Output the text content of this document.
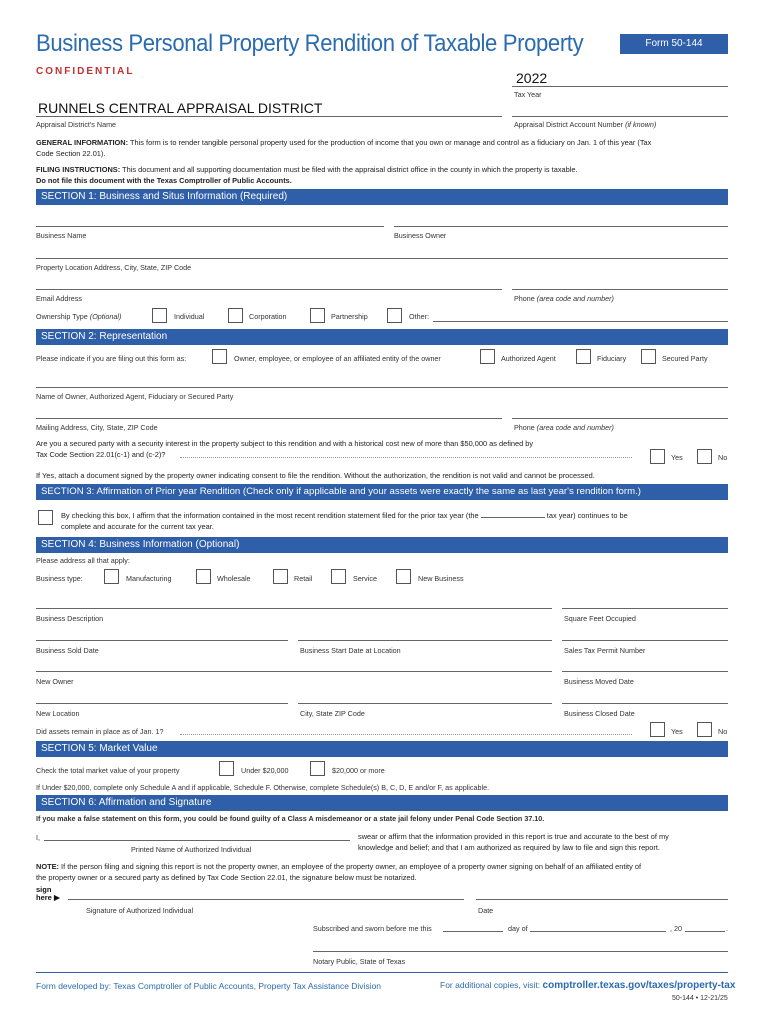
Business Personal Property Rendition of Taxable Property	Form 50-144
CONFIDENTIAL	2022
Tax Year
RUNNELS CENTRAL APPRAISAL DISTRICT
Appraisal District's Name	Appraisal District Account Number (if known)
GENERAL INFORMATION: This form is to render tangible personal property used for the production of income that you own or manage and control as a fiduciary on Jan. 1 of this year (Tax
Code Section 22.01).
FILING INSTRUCTIONS: This document and all supporting documentation must be filed with the appraisal district office in the county in which the property is taxable.
Do not file this document with the Texas Comptroller of Public Accounts.
SECTION 1: Business and Situs Information (Required)
Business Name	Business Owner
Property Location Address, City, State, ZIP Code
Email Address	Phone (area code and number)
Ownership Type (Optional)	Individual	Corporation	Partnership	Other:
SECTION 2: Representation
Please indicate if you are filing out this form as:	Owner, employee, or employee of an affiliated entity of the owner	Authorized Agent	Fiduciary	Secured Party
Name of Owner, Authorized Agent, Fiduciary or Secured Party
Mailing Address, City, State, ZIP Code	Phone (area code and number)
Are you a secured party with a security interest in the property subject to this rendition and with a historical cost new of more than $50,000 as defined by
Tax Code Section 22.01(c-1) and (c-2)?	Yes	No
If Yes, attach a document signed by the property owner indicating consent to file the rendition. Without the authorization, the rendition is not valid and cannot be processed.
SECTION 3: Affirmation of Prior year Rendition (Check only if applicable and your assets were exactly the same as last year's rendition form.)
By checking this box, I affirm that the information contained in the most recent rendition statement filed for the prior tax year (the	tax year) continues to be
complete and accurate for the current tax year.
SECTION 4: Business Information (Optional)
Please address all that apply:
Business type:	Manufacturing	Wholesale	Retail	Service	New Business
Business Description	Square Feet Occupied
Business Sold Date	Business Start Date at Location	Sales Tax Permit Number
New Owner	Business Moved Date
New Location	City, State ZIP Code	Business Closed Date
Did assets remain in place as of Jan. 1?	Yes	No
SECTION 5: Market Value
Check the total market value of your property	Under $20,000	$20,000 or more
If Under $20,000, complete only Schedule A and if applicable, Schedule F. Otherwise, complete Schedule(s) B, C, D, E and/or F, as applicable.
SECTION 6: Affirmation and Signature
If you make a false statement on this form, you could be found guilty of a Class A misdemeanor or a state jail felony under Penal Code Section 37.10.
I,
Printed Name of Authorized Individual
swear or affirm that the information provided in this report is true and accurate to the best of my
knowledge and belief; and that I am authorized as required by law to file and sign this report.
NOTE: If the person filing and signing this report is not the property owner, an employee of the property owner, an employee of a property owner signing on behalf of an affiliated entity of
the property owner or a secured party as defined by Tax Code Section 22.01, the signature below must be notarized.
sign
here ▶
Signature of Authorized Individual	Date
Subscribed and sworn before me this	day of	, 20	.
Notary Public, State of Texas
Form developed by: Texas Comptroller of Public Accounts, Property Tax Assistance Division	For additional copies, visit: comptroller.texas.gov/taxes/property-tax
50-144 • 12-21/25
